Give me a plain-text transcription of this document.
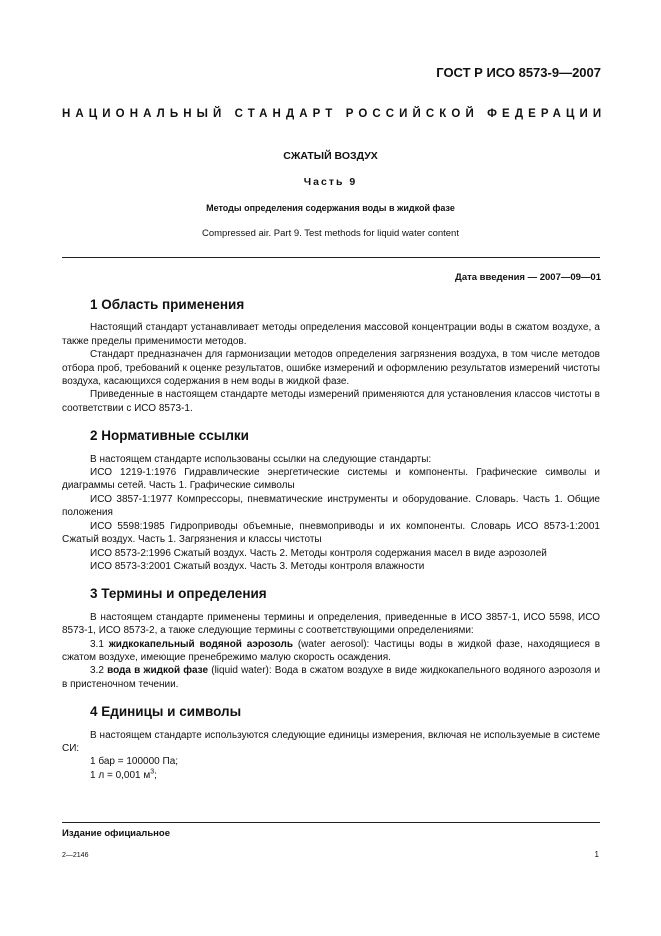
ГОСТ Р ИСО 8573-9—2007
НАЦИОНАЛЬНЫЙ СТАНДАРТ РОССИЙСКОЙ ФЕДЕРАЦИИ
СЖАТЫЙ ВОЗДУХ
Часть 9
Методы определения содержания воды в жидкой фазе
Compressed air. Part 9. Test methods for liquid water content
Дата введения — 2007—09—01
1 Область применения

Настоящий стандарт устанавливает методы определения массовой концентрации воды в сжатом воздухе, а также пределы применимости методов.

Стандарт предназначен для гармонизации методов определения загрязнения воздуха, в том числе методов отбора проб, требований к оценке результатов, ошибке измерений и оформлению результатов измерений чистоты воздуха, касающихся содержания в нем воды в жидкой фазе.

Приведенные в настоящем стандарте методы измерений применяются для установления классов чистоты в соответствии с ИСО 8573-1.

2 Нормативные ссылки

В настоящем стандарте использованы ссылки на следующие стандарты:

ИСО 1219-1:1976 Гидравлические энергетические системы и компоненты. Графические символы и диаграммы сетей. Часть 1. Графические символы

ИСО 3857-1:1977 Компрессоры, пневматические инструменты и оборудование. Словарь. Часть 1. Общие положения

ИСО 5598:1985 Гидроприводы объемные, пневмоприводы и их компоненты. Словарь ИСО 8573-1:2001 Сжатый воздух. Часть 1. Загрязнения и классы чистоты

ИСО 8573-2:1996 Сжатый воздух. Часть 2. Методы контроля содержания масел в виде аэрозолей

ИСО 8573-3:2001 Сжатый воздух. Часть 3. Методы контроля влажности

3 Термины и определения

В настоящем стандарте применены термины и определения, приведенные в ИСО 3857-1, ИСО 5598, ИСО 8573-1, ИСО 8573-2, а также следующие термины с соответствующими определениями:

3.1 жидкокапельный водяной аэрозоль (water aerosol): Частицы воды в жидкой фазе, находящиеся в сжатом воздухе, имеющие пренебрежимо малую скорость осаждения.

3.2 вода в жидкой фазе (liquid water): Вода в сжатом воздухе в виде жидкокапельного водяного аэрозоля и в пристеночном течении.

4 Единицы и символы

В настоящем стандарте используются следующие единицы измерения, включая не используемые в системе СИ:

1 бар = 100000 Па;

1 л = 0,001 $м^3$;

Издание официальное
2—2146	1
